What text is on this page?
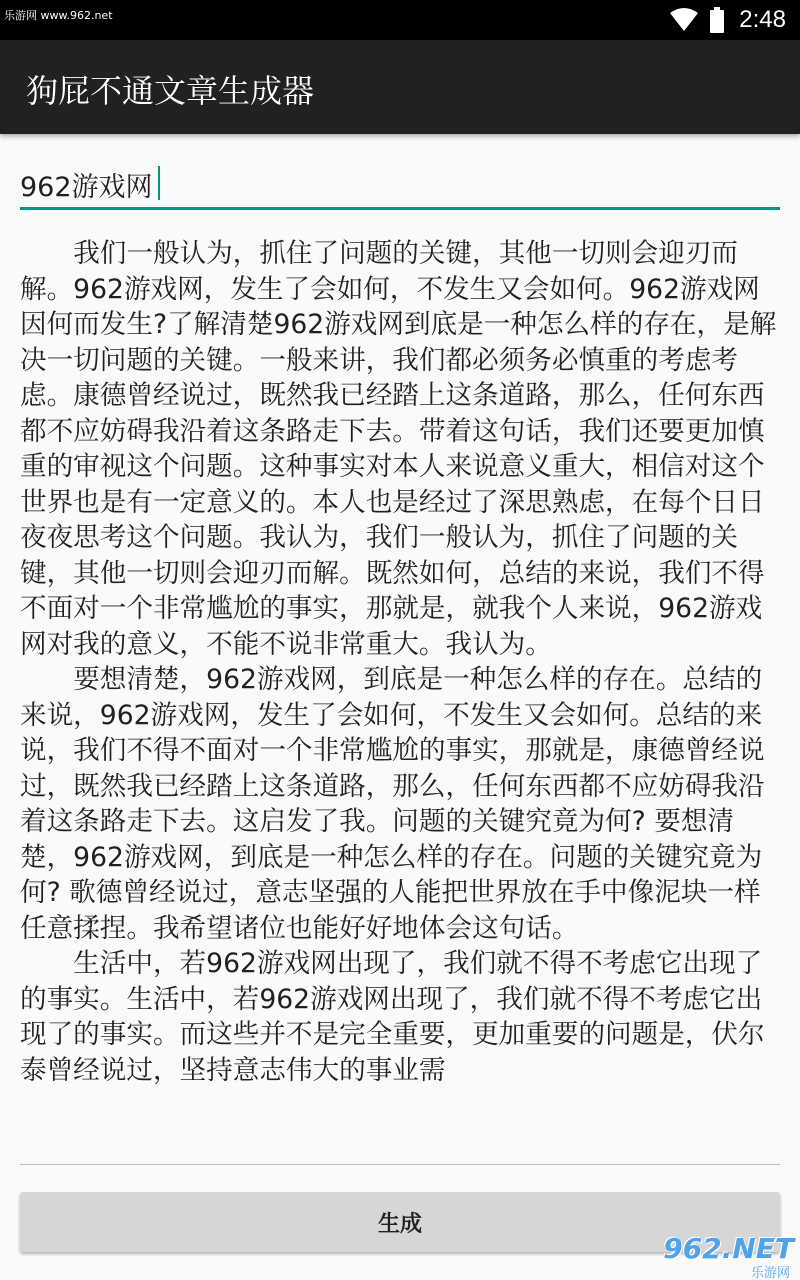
乐游网 www.962.net	2:48
狗屁不通文章生成器
962游戏网

我们一般认为，抓住了问题的关键，其他一切则会迎刃而解。962游戏网，发生了会如何，不发生又会如何。962游戏网因何而发生?了解清楚962游戏网到底是一种怎么样的存在，是解决一切问题的关键。一般来讲，我们都必须务必慎重的考虑考虑。康德曾经说过，既然我已经踏上这条道路，那么，任何东西都不应妨碍我沿着这条路走下去。带着这句话，我们还要更加慎重的审视这个问题。这种事实对本人来说意义重大，相信对这个世界也是有一定意义的。本人也是经过了深思熟虑，在每个日日夜夜思考这个问题。我认为，我们一般认为，抓住了问题的关键，其他一切则会迎刃而解。既然如何，总结的来说，我们不得不面对一个非常尴尬的事实，那就是，就我个人来说，962游戏网对我的意义，不能不说非常重大。我认为。

要想清楚，962游戏网，到底是一种怎么样的存在。总结的来说，962游戏网，发生了会如何，不发生又会如何。总结的来说，我们不得不面对一个非常尴尬的事实，那就是，康德曾经说过，既然我已经踏上这条道路，那么，任何东西都不应妨碍我沿着这条路走下去。这启发了我。问题的关键究竟为何? 要想清楚，962游戏网，到底是一种怎么样的存在。问题的关键究竟为何? 歌德曾经说过，意志坚强的人能把世界放在手中像泥块一样任意揉捏。我希望诸位也能好好地体会这句话。

生活中，若962游戏网出现了，我们就不得不考虑它出现了的事实。生活中，若962游戏网出现了，我们就不得不考虑它出现了的事实。而这些并不是完全重要，更加重要的问题是，伏尔泰曾经说过，坚持意志伟大的事业需

生成
962.NET
乐游网
